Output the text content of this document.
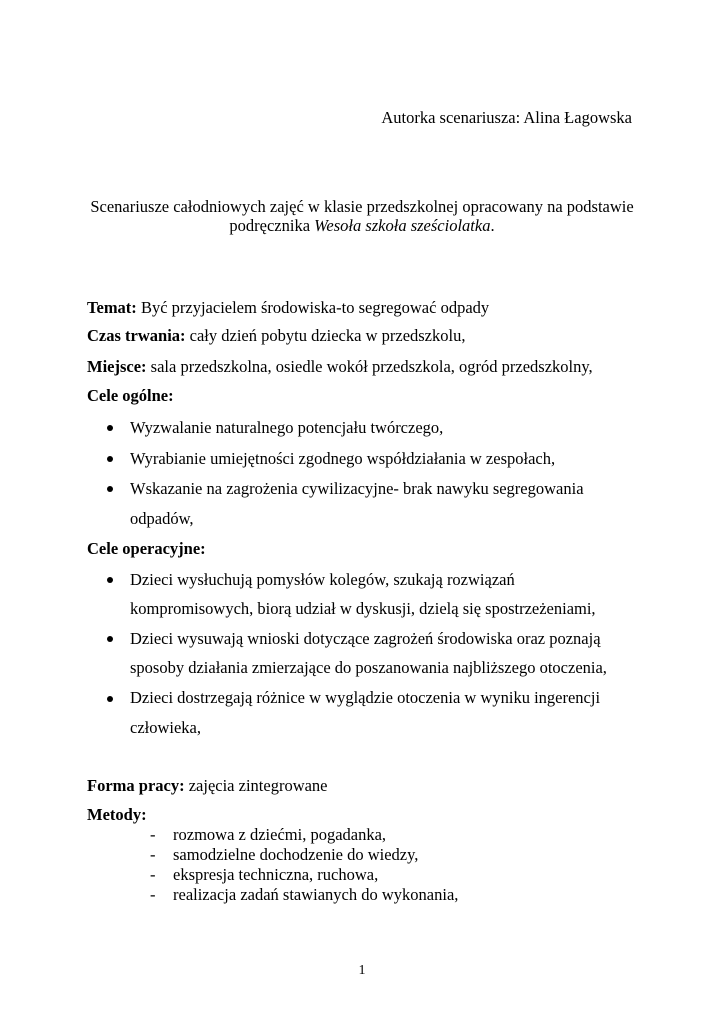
Autorka scenariusza: Alina Łagowska
Scenariusze całodniowych zajęć w klasie przedszkolnej opracowany na podstawie
podręcznika Wesoła szkoła sześciolatka.
Temat: Być przyjacielem środowiska-to segregować odpady
Czas trwania: cały dzień pobytu dziecka w przedszkolu,
Miejsce: sala przedszkolna, osiedle wokół przedszkola, ogród przedszkolny,
Cele ogólne:
Wyzwalanie naturalnego potencjału twórczego,
Wyrabianie umiejętności zgodnego współdziałania w zespołach,
Wskazanie na zagrożenia cywilizacyjne- brak nawyku segregowania
odpadów,
Cele operacyjne:
Dzieci wysłuchują pomysłów kolegów, szukają rozwiązań
kompromisowych, biorą udział w dyskusji, dzielą się spostrzeżeniami,
Dzieci wysuwają wnioski dotyczące zagrożeń środowiska oraz poznają
sposoby działania zmierzające do poszanowania najbliższego otoczenia,
Dzieci dostrzegają różnice w wyglądzie otoczenia w wyniku ingerencji
człowieka,
Forma pracy: zajęcia zintegrowane
Metody:
- rozmowa z dziećmi, pogadanka,
- samodzielne dochodzenie do wiedzy,
- ekspresja techniczna, ruchowa,
- realizacja zadań stawianych do wykonania,
1
